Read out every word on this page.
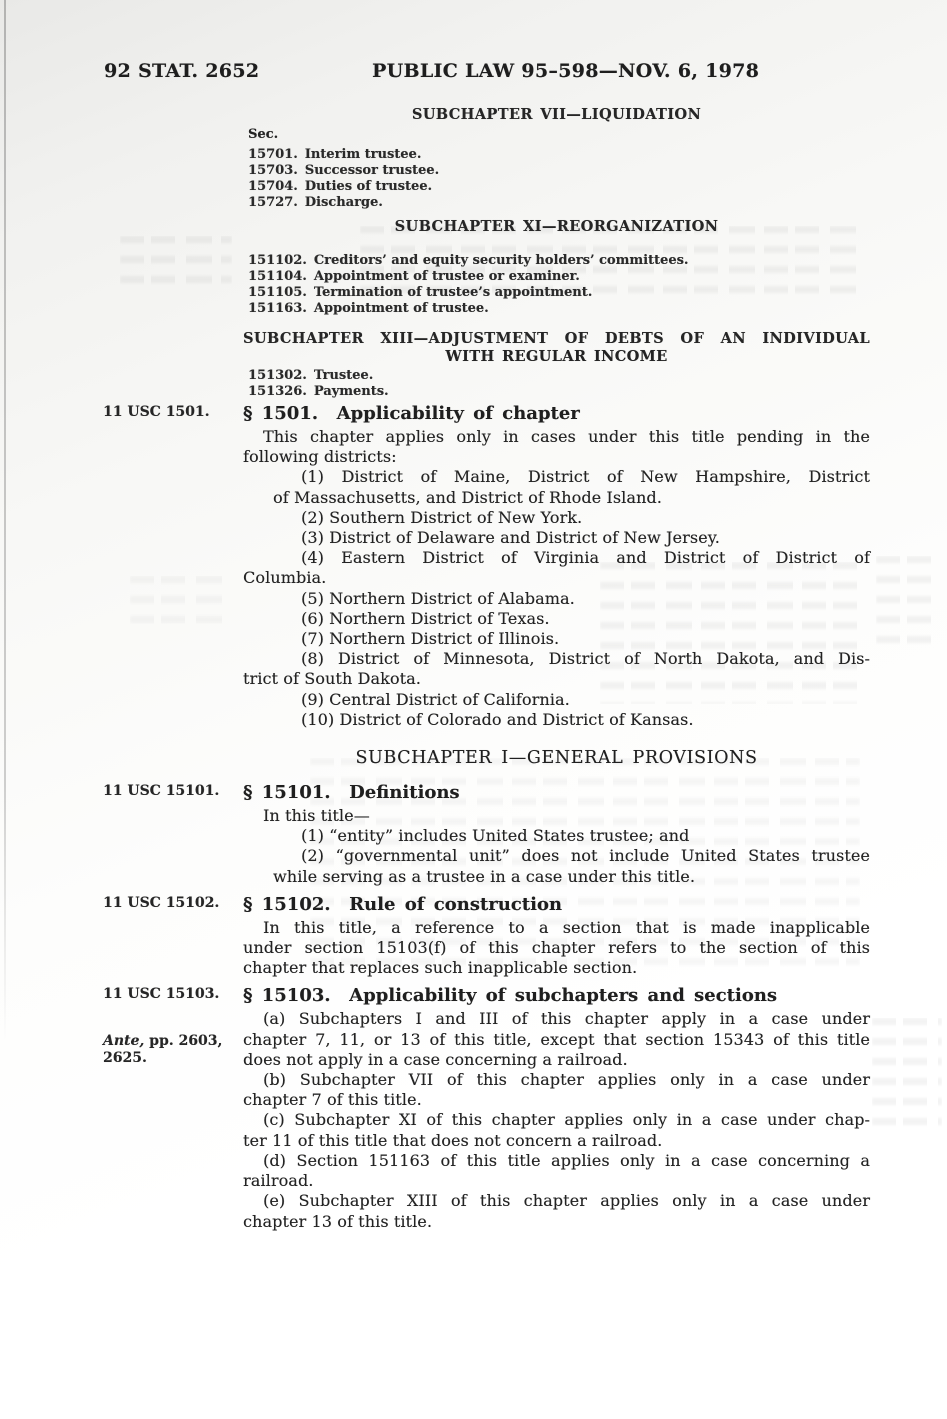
92 STAT. 2652	PUBLIC LAW 95–598—NOV. 6, 1978
SUBCHAPTER VII—LIQUIDATION
Sec.
15701. Interim trustee.
15703. Successor trustee.
15704. Duties of trustee.
15727. Discharge.
SUBCHAPTER XI—REORGANIZATION
151102. Creditors’ and equity security holders’ committees.
151104. Appointment of trustee or examiner.
151105. Termination of trustee’s appointment.
151163. Appointment of trustee.
SUBCHAPTER XIII—ADJUSTMENT OF DEBTS OF AN INDIVIDUAL
WITH REGULAR INCOME
151302. Trustee.
151326. Payments.
11 USC 1501.	§ 1501.  Applicability of chapter
This chapter applies only in cases under this title pending in the
following districts:
(1) District of Maine, District of New Hampshire, District
of Massachusetts, and District of Rhode Island.
(2) Southern District of New York.
(3) District of Delaware and District of New Jersey.
(4) Eastern District of Virginia and District of District of
Columbia.
(5) Northern District of Alabama.
(6) Northern District of Texas.
(7) Northern District of Illinois.
(8) District of Minnesota, District of North Dakota, and Dis-
trict of South Dakota.
(9) Central District of California.
(10) District of Colorado and District of Kansas.
SUBCHAPTER I—GENERAL PROVISIONS
11 USC 15101.	§ 15101.  Definitions
In this title—
(1) “entity” includes United States trustee; and
(2) “governmental unit” does not include United States trustee
while serving as a trustee in a case under this title.
11 USC 15102.	§ 15102.  Rule of construction
In this title, a reference to a section that is made inapplicable
under section 15103(f) of this chapter refers to the section of this
chapter that replaces such inapplicable section.
11 USC 15103.
Ante, pp. 2603,
2625.
§ 15103.  Applicability of subchapters and sections
(a) Subchapters I and III of this chapter apply in a case under
chapter 7, 11, or 13 of this title, except that section 15343 of this title
does not apply in a case concerning a railroad.
(b) Subchapter VII of this chapter applies only in a case under
chapter 7 of this title.
(c) Subchapter XI of this chapter applies only in a case under chap-
ter 11 of this title that does not concern a railroad.
(d) Section 151163 of this title applies only in a case concerning a
railroad.
(e) Subchapter XIII of this chapter applies only in a case under
chapter 13 of this title.
